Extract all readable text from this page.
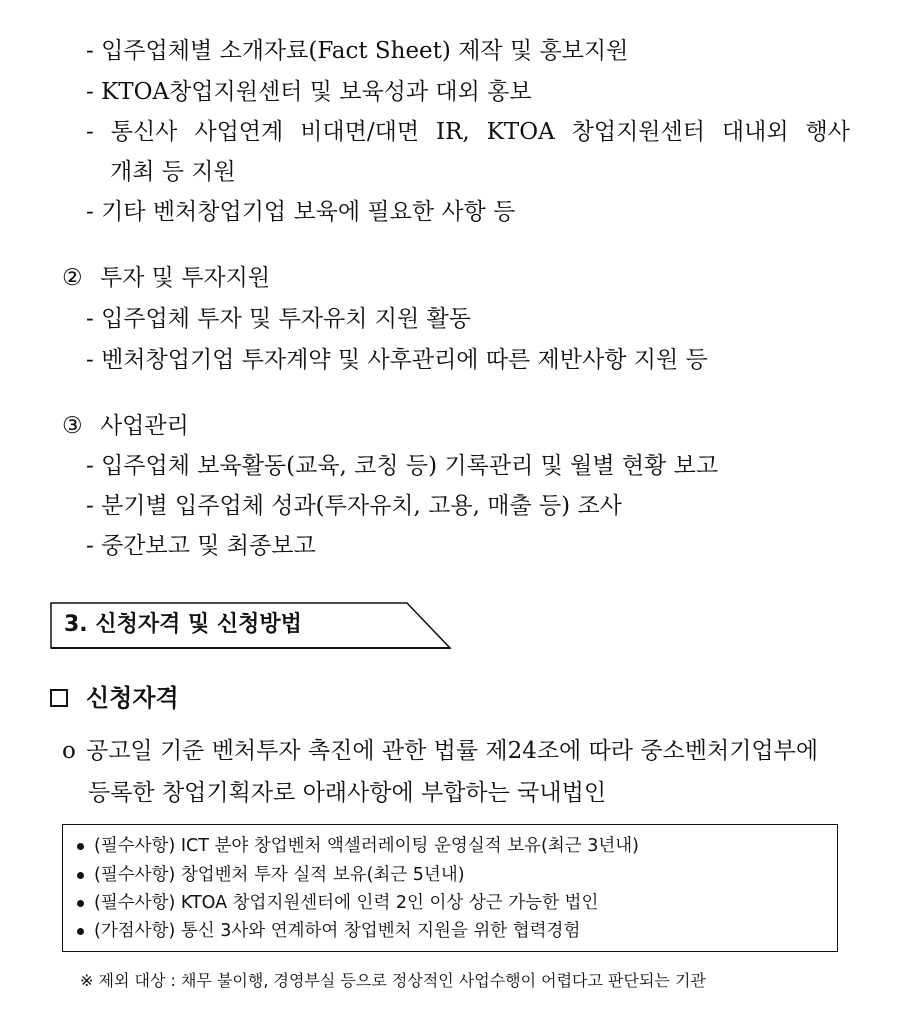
- 입주업체별 소개자료(Fact Sheet) 제작 및 홍보지원
- KTOA창업지원센터 및 보육성과 대외 홍보
- 통신사 사업연계 비대면/대면 IR, KTOA 창업지원센터 대내외 행사
개최 등 지원
- 기타 벤처창업기업 보육에 필요한 사항 등
② 투자 및 투자지원
- 입주업체 투자 및 투자유치 지원 활동
- 벤처창업기업 투자계약 및 사후관리에 따른 제반사항 지원 등
③ 사업관리
- 입주업체 보육활동(교육, 코칭 등) 기록관리 및 월별 현황 보고
- 분기별 입주업체 성과(투자유치, 고용, 매출 등) 조사
- 중간보고 및 최종보고
3. 신청자격 및 신청방법
신청자격
o 공고일 기준 벤처투자 촉진에 관한 법률 제24조에 따라 중소벤처기업부에
등록한 창업기획자로 아래사항에 부합하는 국내법인
(필수사항) ICT 분야 창업벤처 액셀러레이팅 운영실적 보유(최근 3년내)
(필수사항) 창업벤처 투자 실적 보유(최근 5년내)
(필수사항) KTOA 창업지원센터에 인력 2인 이상 상근 가능한 법인
(가점사항) 통신 3사와 연계하여 창업벤처 지원을 위한 협력경험
※ 제외 대상 : 채무 불이행, 경영부실 등으로 정상적인 사업수행이 어렵다고 판단되는 기관
